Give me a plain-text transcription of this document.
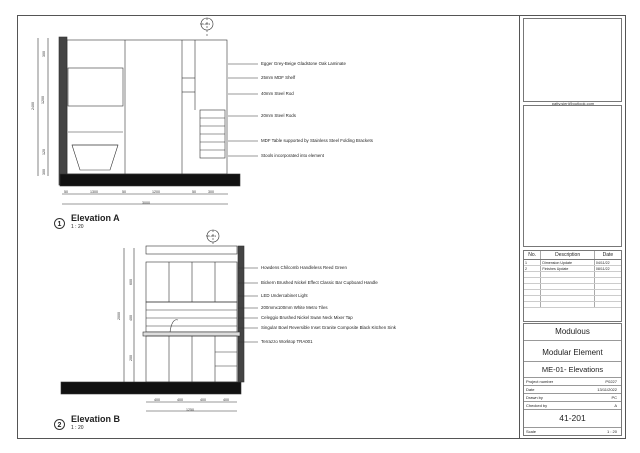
Egger Grey-Beige Gladstone Oak Laminate
25mm MDF Shelf
40mm Steel Rod
20mm Steel Rods
MDF Table supported by Stainless Steel Folding Brackets
Stools incorporated into element
50	1300	50	1200	50	300
3000
300
1200
120
300
2400
SK-001
1
Elevation A
1 : 20
Howdens Chilcomb Handleless Reed Green
Bickern Brushed Nickel Effect Classic Bar Cupboard Handle
LED Undercabinet Light
200mmx100mm White Metro Tiles
Celeggio Brushed Nickel Swan Neck Mixer Tap
Singular Bowl Reversible Inset Granite Composite Black Kitchen Sink
Terrazzo Worktop TRA001
400	400	400	400
1250
600
400
200
2000
SK-001
2
Elevation B
1 : 20
patty.sieri@outlook.com
No.	Description	Date
1	Dimension Update	04/11/22
2	Finishes Update	08/11/22

Modulous
Modular Element
ME-01- Elevations
Project number	P0227
Date	13/11/2022
Drawn by	PC
Checked by	A
41-201
Scale	1 : 20
